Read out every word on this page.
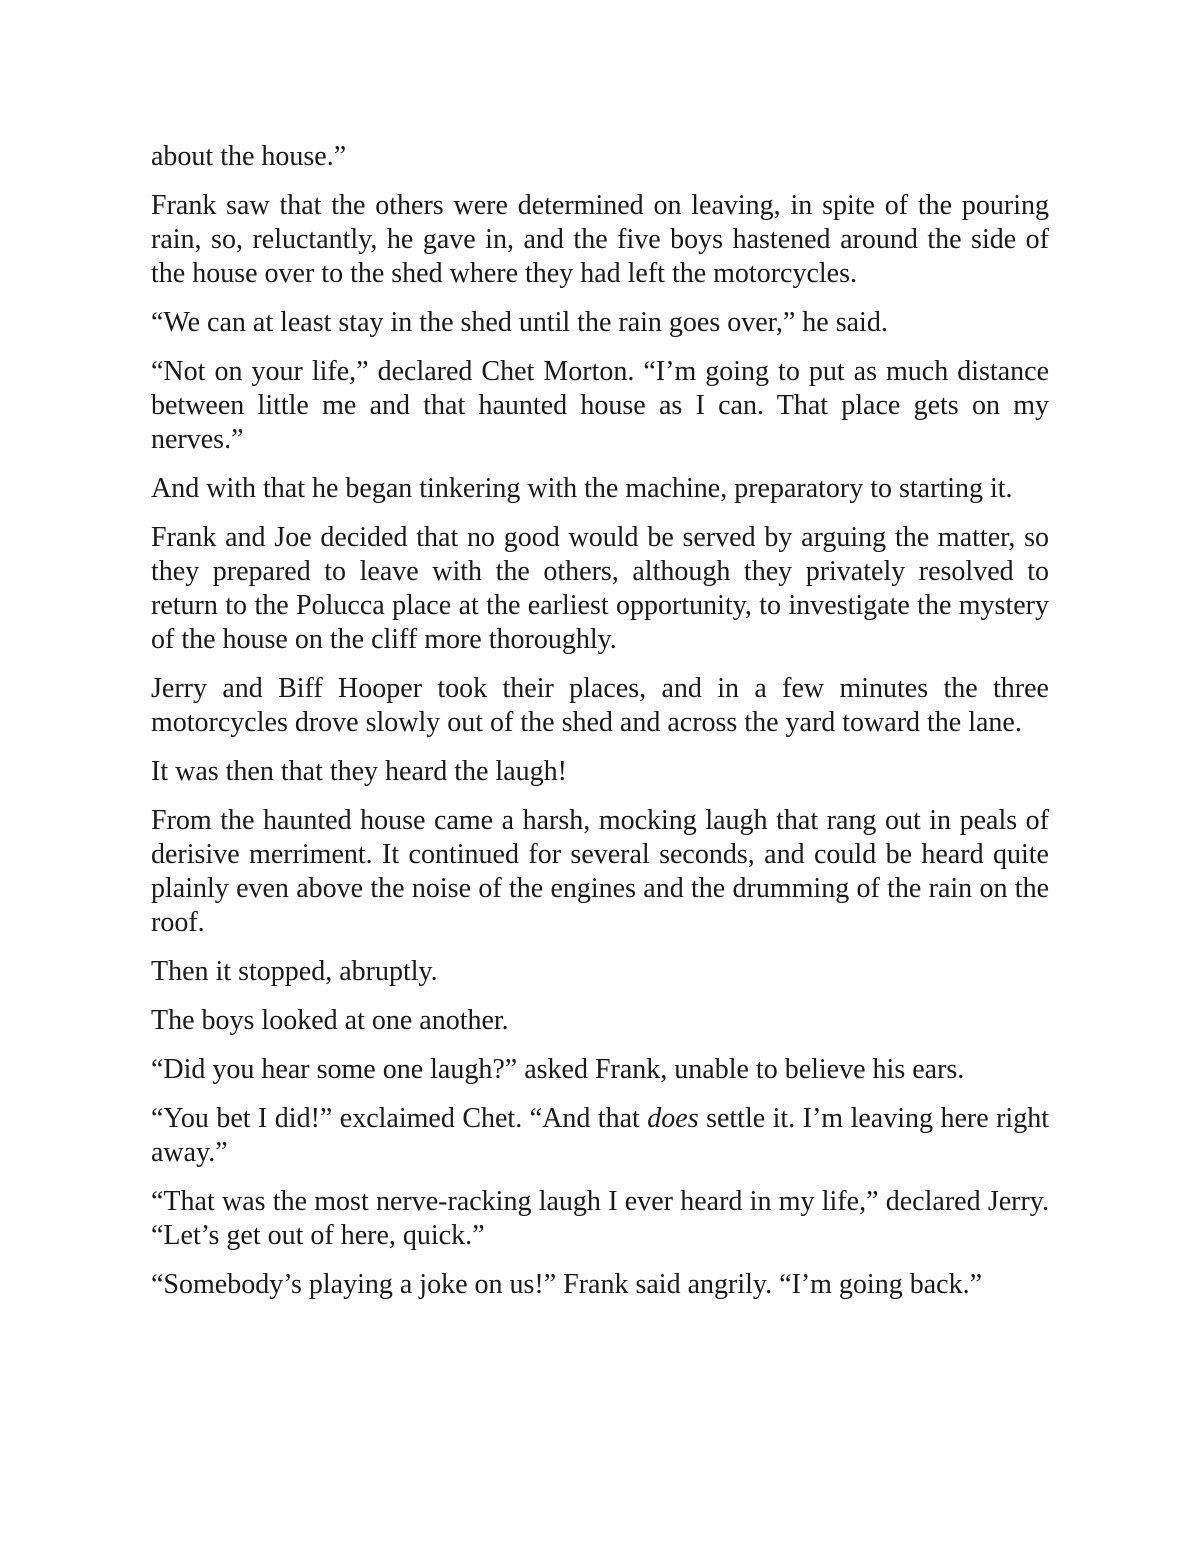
about the house.”

Frank saw that the others were determined on leaving, in spite of the pouring rain, so, reluctantly, he gave in, and the five boys hastened around the side of the house over to the shed where they had left the motorcycles.

“We can at least stay in the shed until the rain goes over,” he said.

“Not on your life,” declared Chet Morton. “I’m going to put as much distance between little me and that haunted house as I can. That place gets on my nerves.”

And with that he began tinkering with the machine, preparatory to starting it.

Frank and Joe decided that no good would be served by arguing the matter, so they prepared to leave with the others, although they privately resolved to return to the Polucca place at the earliest opportunity, to investigate the mystery of the house on the cliff more thoroughly.

Jerry and Biff Hooper took their places, and in a few minutes the three motorcycles drove slowly out of the shed and across the yard toward the lane.

It was then that they heard the laugh!

From the haunted house came a harsh, mocking laugh that rang out in peals of derisive merriment. It continued for several seconds, and could be heard quite plainly even above the noise of the engines and the drumming of the rain on the roof.

Then it stopped, abruptly.

The boys looked at one another.

“Did you hear some one laugh?” asked Frank, unable to believe his ears.

“You bet I did!” exclaimed Chet. “And that does settle it. I’m leaving here right away.”

“That was the most nerve-racking laugh I ever heard in my life,” declared Jerry. “Let’s get out of here, quick.”

“Somebody’s playing a joke on us!” Frank said angrily. “I’m going back.”
